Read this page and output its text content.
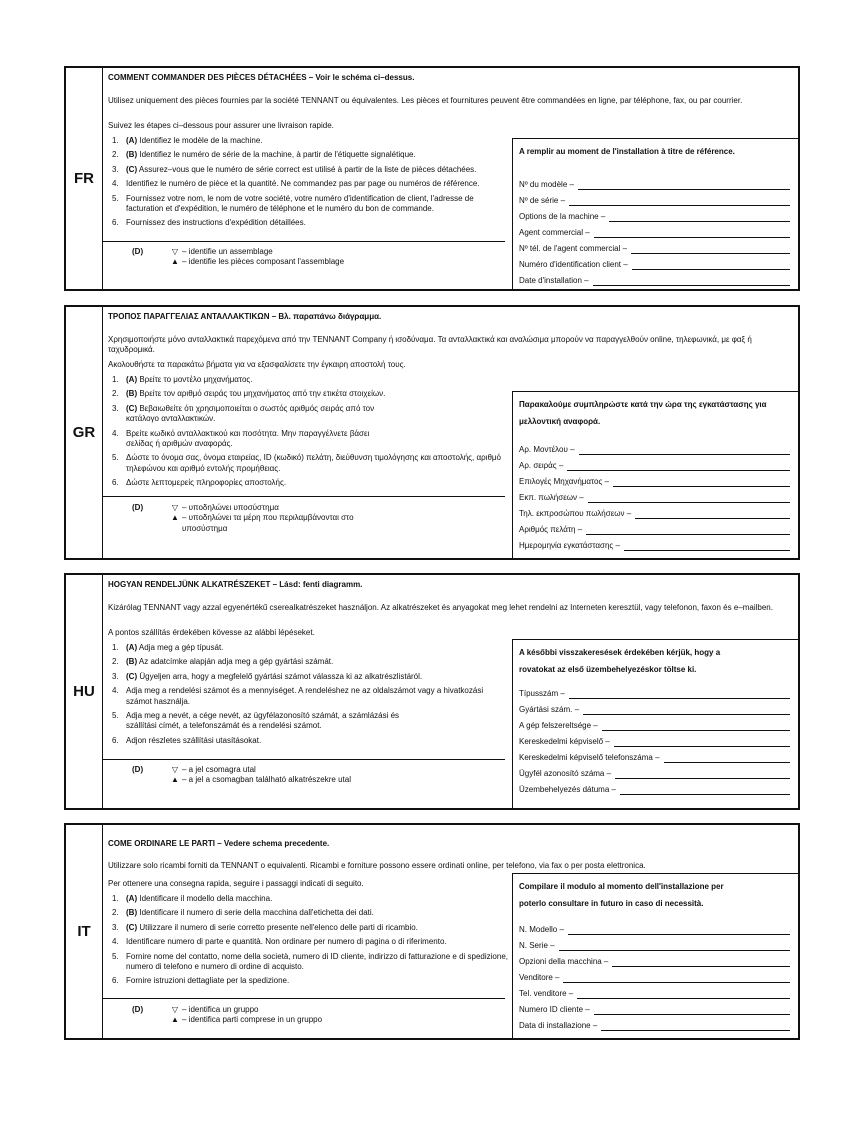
FR
COMMENT COMMANDER DES PIÈCES DÉTACHÉES – Voir le schéma ci–dessus.
Utilisez uniquement des pièces fournies par la société TENNANT ou équivalentes. Les pièces et fournitures peuvent être commandées en ligne, par téléphone, fax, ou par courrier.
Suivez les étapes ci–dessous pour assurer une livraison rapide.
1. (A) Identifiez le modèle de la machine.
2. (B) Identifiez le numéro de série de la machine, à partir de l'étiquette signalétique.
3. (C) Assurez–vous que le numéro de série correct est utilisé à partir de la liste de pièces détachées.
4. Identifiez le numéro de pièce et la quantité. Ne commandez pas par page ou numéros de référence.
5. Fournissez votre nom, le nom de votre société, votre numéro d'identification de client, l'adresse de facturation et d'expédition, le numéro de téléphone et le numéro du bon de commande.
6. Fournissez des instructions d'expédition détaillées.
(D)	▽ – identifie un assemblage
▲ – identifie les pièces composant l'assemblage
A remplir au moment de l'installation à titre de référence.
Nº du modèle –
Nº de série –
Options de la machine –
Agent commercial –
Nº tél. de l'agent commercial –
Numéro d'identification client –
Date d'installation –
GR
ΤΡΟΠΟΣ ΠΑΡΑΓΓΕΛΙΑΣ ΑΝΤΑΛΛΑΚΤΙΚΩΝ – Βλ. παραπάνω διάγραμμα.
Χρησιμοποιήστε μόνο ανταλλακτικά παρεχόμενα από την TENNANT Company ή ισοδύναμα. Τα ανταλλακτικά και αναλώσιμα μπορούν να παραγγελθούν online, τηλεφωνικά, με φαξ ή ταχυδρομικά.
Ακολουθήστε τα παρακάτω βήματα για να εξασφαλίσετε την έγκαιρη αποστολή τους.
1. (A) Βρείτε το μοντέλο μηχανήματος.
2. (B) Βρείτε τον αριθμό σειράς του μηχανήματος από την ετικέτα στοιχείων.
3. (C) Βεβαιωθείτε ότι χρησιμοποιείται ο σωστός αριθμός σειράς από τον κατάλογο ανταλλακτικών.
4. Βρείτε κωδικό ανταλλακτικού και ποσότητα. Μην παραγγέλνετε βάσει σελίδας ή αριθμών αναφοράς.
5. Δώστε το όνομα σας, όνομα εταιρείας, ID (κωδικό) πελάτη, διεύθυνση τιμολόγησης και αποστολής, αριθμό τηλεφώνου και αριθμό εντολής προμήθειας.
6. Δώστε λεπτομερείς πληροφορίες αποστολής.
(D)	▽ – υποδηλώνει υποσύστημα
▲ – υποδηλώνει τα μέρη που περιλαμβάνονται στο υποσύστημα
Παρακαλούμε συμπληρώστε κατά την ώρα της εγκατάστασης για μελλοντική αναφορά.
Αρ. Μοντέλου –
Αρ. σειράς –
Επιλογές Μηχανήματος –
Εκπ. πωλήσεων –
Τηλ. εκπροσώπου πωλήσεων –
Αριθμός πελάτη –
Ημερομηνία εγκατάστασης –
HU
HOGYAN RENDELJÜNK ALKATRÉSZEKET – Lásd: fenti diagramm.
Kizárólag TENNANT vagy azzal egyenértékű cserealkatrészeket használjon. Az alkatrészeket és anyagokat meg lehet rendelni az Interneten keresztül, vagy telefonon, faxon és e–mailben.
A pontos szállítás érdekében kövesse az alábbi lépéseket.
1. (A) Adja meg a gép típusát.
2. (B) Az adatcímke alapján adja meg a gép gyártási számát.
3. (C) Ügyeljen arra, hogy a megfelelő gyártási számot válassza ki az alkatrészlistáról.
4. Adja meg a rendelési számot és a mennyiséget. A rendeléshez ne az oldalszámot vagy a hivatkozási számot használja.
5. Adja meg a nevét, a cége nevét, az ügyfélazonosító számát, a számlázási és szállítási címét, a telefonszámát és a rendelési számot.
6. Adjon részletes szállítási utasításokat.
(D)	▽ – a jel csomagra utal
▲ – a jel a csomagban található alkatrészekre utal
A későbbi visszakeresések érdekében kérjük, hogy a rovatokat az első üzembehelyezéskor töltse ki.
Típusszám –
Gyártási szám. –
A gép felszereltsége –
Kereskedelmi képviselő –
Kereskedelmi képviselő telefonszáma –
Ügyfél azonosító száma –
Üzembehelyezés dátuma –
IT
COME ORDINARE LE PARTI – Vedere schema precedente.
Utilizzare solo ricambi forniti da TENNANT o equivalenti. Ricambi e forniture possono essere ordinati online, per telefono, via fax o per posta elettronica.
Per ottenere una consegna rapida, seguire i passaggi indicati di seguito.
1. (A) Identificare il modello della macchina.
2. (B) Identificare il numero di serie della macchina dall'etichetta dei dati.
3. (C) Utilizzare il numero di serie corretto presente nell'elenco delle parti di ricambio.
4. Identificare numero di parte e quantità. Non ordinare per numero di pagina o di riferimento.
5. Fornire nome del contatto, nome della società, numero di ID cliente, indirizzo di fatturazione e di spedizione, numero di telefono e numero di ordine di acquisto.
6. Fornire istruzioni dettagliate per la spedizione.
(D)	▽ – identifica un gruppo
▲ – identifica parti comprese in un gruppo
Compilare il modulo al momento dell'installazione per poterlo consultare in futuro in caso di necessità.
N. Modello –
N. Serie –
Opzioni della macchina –
Venditore –
Tel. venditore –
Numero ID cliente –
Data di installazione –
